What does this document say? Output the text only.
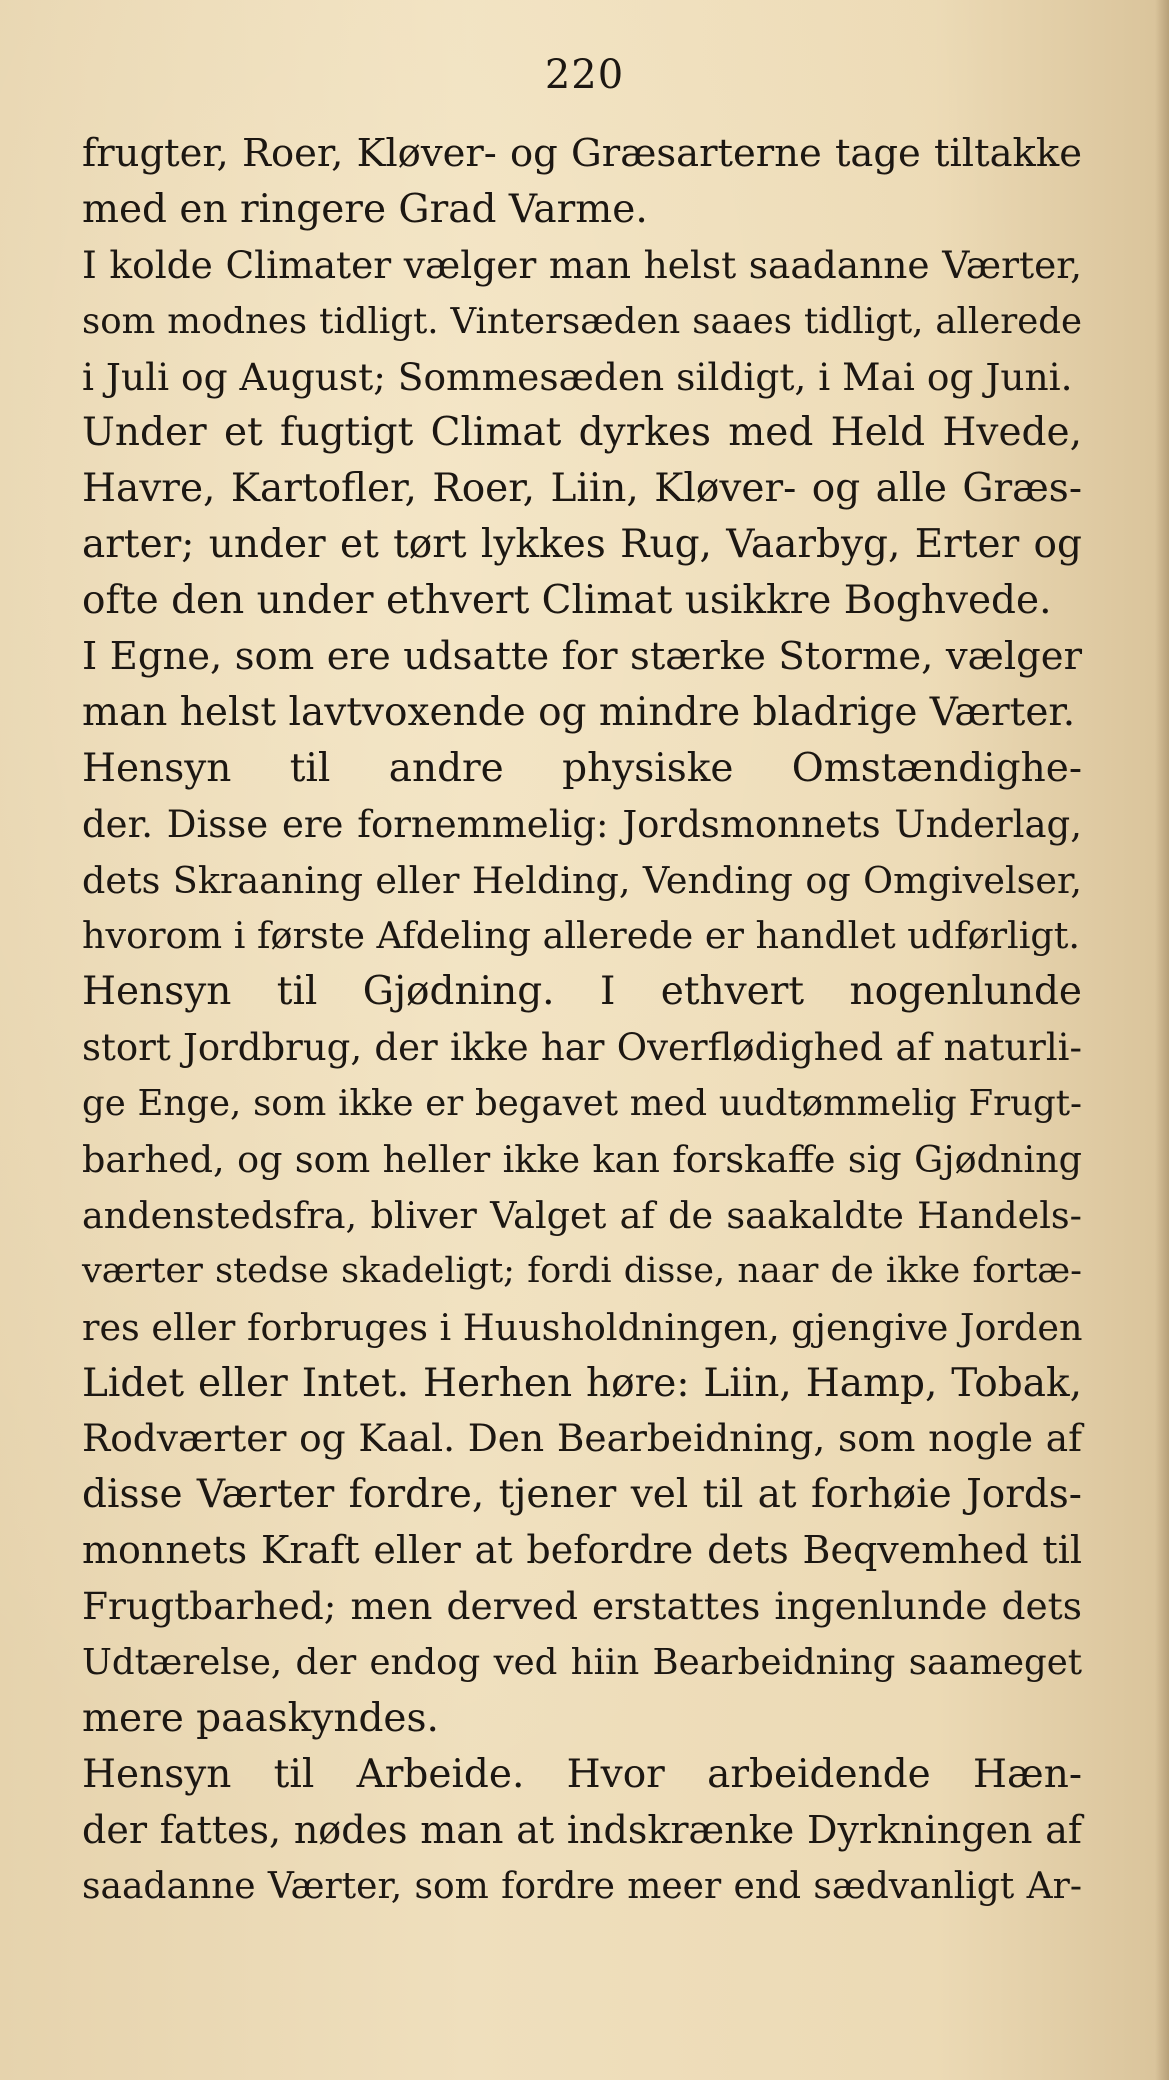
220
frugter, Roer, Kløver- og Græsarterne tage tiltakke
med en ringere Grad Varme.
I kolde Climater vælger man helst saadanne Værter,
som modnes tidligt. Vintersæden saaes tidligt, allerede
i Juli og August; Sommesæden sildigt, i Mai og Juni.
Under et fugtigt Climat dyrkes med Held Hvede,
Havre, Kartofler, Roer, Liin, Kløver- og alle Græs-
arter; under et tørt lykkes Rug, Vaarbyg, Erter og
ofte den under ethvert Climat usikkre Boghvede.
I Egne, som ere udsatte for stærke Storme, vælger
man helst lavtvoxende og mindre bladrige Værter.
Hensyn til andre physiske Omstændighe-
der. Disse ere fornemmelig: Jordsmonnets Underlag,
dets Skraaning eller Helding, Vending og Omgivelser,
hvorom i første Afdeling allerede er handlet udførligt.
Hensyn til Gjødning. I ethvert nogenlunde
stort Jordbrug, der ikke har Overflødighed af naturli-
ge Enge, som ikke er begavet med uudtømmelig Frugt-
barhed, og som heller ikke kan forskaffe sig Gjødning
andenstedsfra, bliver Valget af de saakaldte Handels-
værter stedse skadeligt; fordi disse, naar de ikke fortæ-
res eller forbruges i Huusholdningen, gjengive Jorden
Lidet eller Intet. Herhen høre: Liin, Hamp, Tobak,
Rodværter og Kaal. Den Bearbeidning, som nogle af
disse Værter fordre, tjener vel til at forhøie Jords-
monnets Kraft eller at befordre dets Beqvemhed til
Frugtbarhed; men derved erstattes ingenlunde dets
Udtærelse, der endog ved hiin Bearbeidning saameget
mere paaskyndes.
Hensyn til Arbeide. Hvor arbeidende Hæn-
der fattes, nødes man at indskrænke Dyrkningen af
saadanne Værter, som fordre meer end sædvanligt Ar-
